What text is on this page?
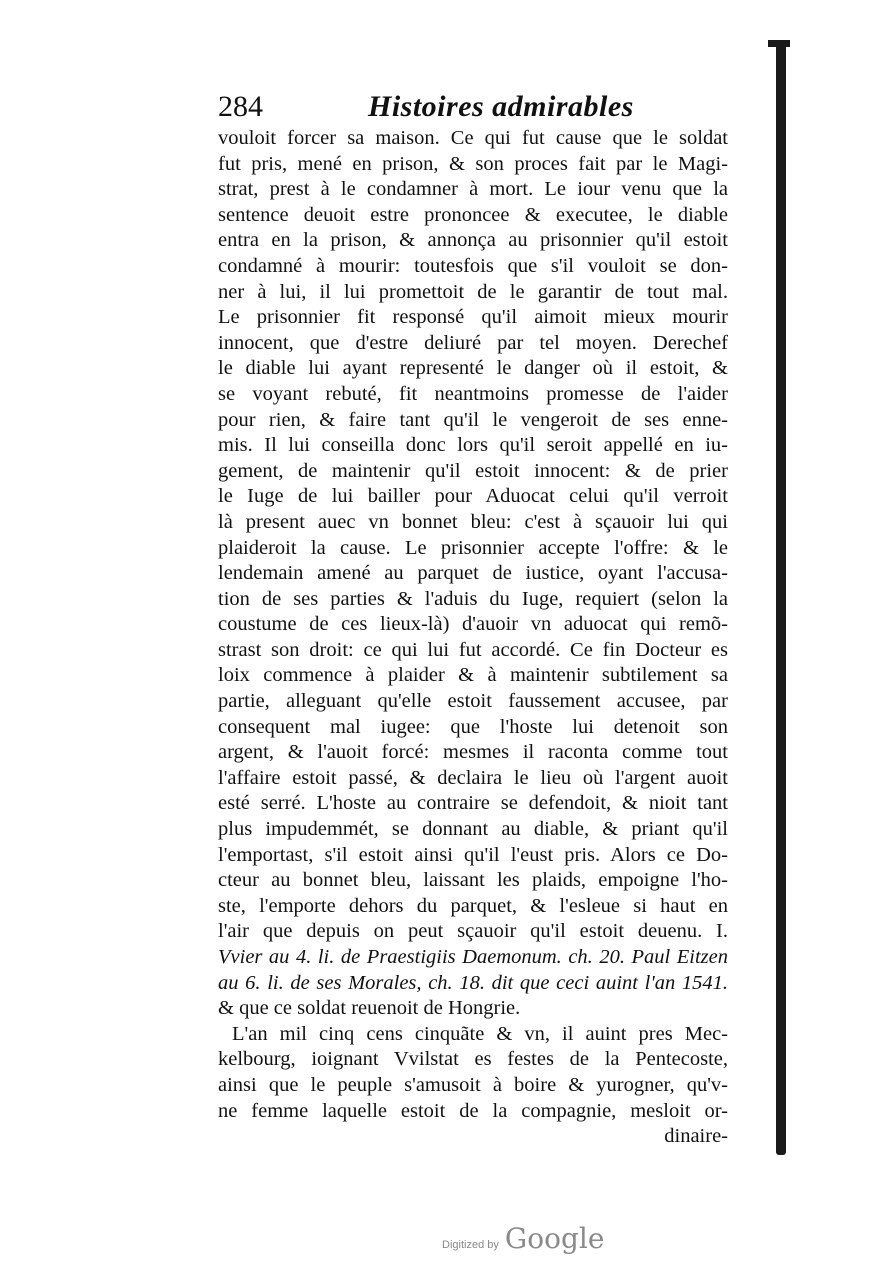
284	Histoires admirables
vouloit forcer sa maison. Ce qui fut cause que le soldat
fut pris, mené en prison, & son proces fait par le Magi-
strat, prest à le condamner à mort. Le iour venu que la
sentence deuoit estre prononcee & executee, le diable
entra en la prison, & annonça au prisonnier qu'il estoit
condamné à mourir: toutesfois que s'il vouloit se don-
ner à lui, il lui promettoit de le garantir de tout mal.
Le prisonnier fit responsé qu'il aimoit mieux mourir
innocent, que d'estre deliuré par tel moyen. Derechef
le diable lui ayant representé le danger où il estoit, &
se voyant rebuté, fit neantmoins promesse de l'aider
pour rien, & faire tant qu'il le vengeroit de ses enne-
mis. Il lui conseilla donc lors qu'il seroit appellé en iu-
gement, de maintenir qu'il estoit innocent: & de prier
le Iuge de lui bailler pour Aduocat celui qu'il verroit
là present auec vn bonnet bleu: c'est à sçauoir lui qui
plaideroit la cause. Le prisonnier accepte l'offre: & le
lendemain amené au parquet de iustice, oyant l'accusa-
tion de ses parties & l'aduis du Iuge, requiert (selon la
coustume de ces lieux-là) d'auoir vn aduocat qui remõ-
strast son droit: ce qui lui fut accordé. Ce fin Docteur es
loix commence à plaider & à maintenir subtilement sa
partie, alleguant qu'elle estoit faussement accusee, par
consequent mal iugee: que l'hoste lui detenoit son
argent, & l'auoit forcé: mesmes il raconta comme tout
l'affaire estoit passé, & declaira le lieu où l'argent auoit
esté serré. L'hoste au contraire se defendoit, & nioit tant
plus impudemmét, se donnant au diable, & priant qu'il
l'emportast, s'il estoit ainsi qu'il l'eust pris. Alors ce Do-
cteur au bonnet bleu, laissant les plaids, empoigne l'ho-
ste, l'emporte dehors du parquet, & l'esleue si haut en
l'air que depuis on peut sçauoir qu'il estoit deuenu. I.
Vvier au 4. li. de Praestigiis Daemonum. ch. 20. Paul Eitzen
au 6. li. de ses Morales, ch. 18. dit que ceci auint l'an 1541.
& que ce soldat reuenoit de Hongrie.
L'an mil cinq cens cinquãte & vn, il auint pres Mec-
kelbourg, ioignant Vvilstat es festes de la Pentecoste,
ainsi que le peuple s'amusoit à boire & yurogner, qu'v-
ne femme laquelle estoit de la compagnie, mesloit or-
dinaire-
Digitized by Google
